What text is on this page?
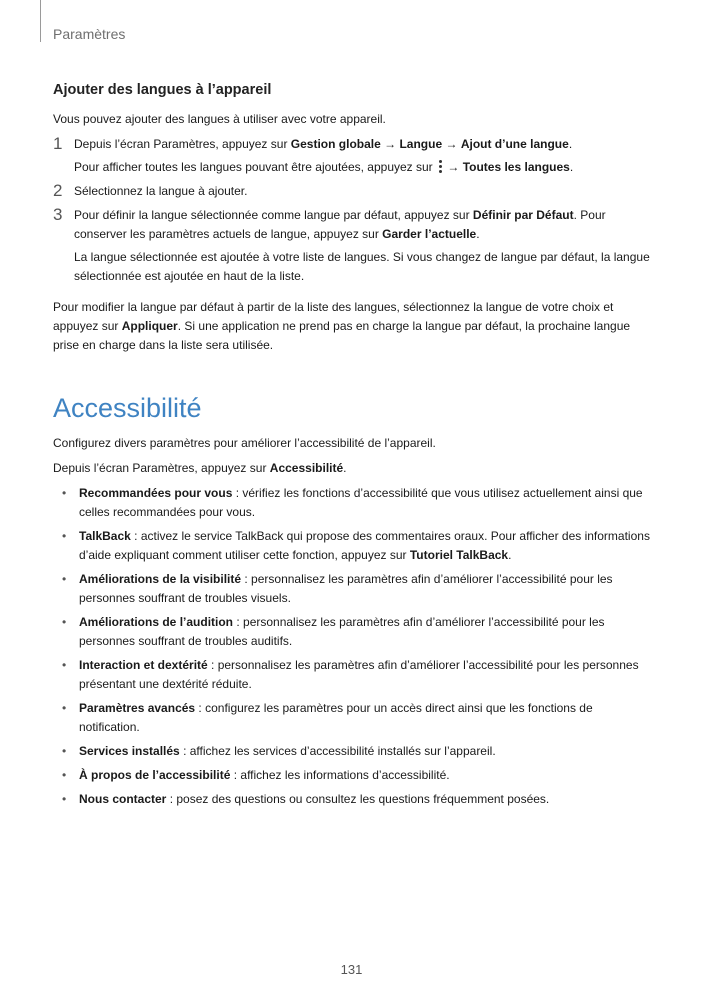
Paramètres
Ajouter des langues à l’appareil

Vous pouvez ajouter des langues à utiliser avec votre appareil.

1 Depuis l’écran Paramètres, appuyez sur Gestion globale → Langue → Ajout d’une langue.
Pour afficher toutes les langues pouvant être ajoutées, appuyez sur
→ Toutes les langues.
2 Sélectionnez la langue à ajouter.
3 Pour définir la langue sélectionnée comme langue par défaut, appuyez sur Définir par Défaut. Pour conserver les paramètres actuels de langue, appuyez sur Garder l’actuelle.
La langue sélectionnée est ajoutée à votre liste de langues. Si vous changez de langue par défaut, la langue sélectionnée est ajoutée en haut de la liste.

Pour modifier la langue par défaut à partir de la liste des langues, sélectionnez la langue de votre choix et appuyez sur Appliquer. Si une application ne prend pas en charge la langue par défaut, la prochaine langue prise en charge dans la liste sera utilisée.

Accessibilité

Configurez divers paramètres pour améliorer l’accessibilité de l’appareil.

Depuis l’écran Paramètres, appuyez sur Accessibilité.

• Recommandées pour vous : vérifiez les fonctions d’accessibilité que vous utilisez actuellement ainsi que celles recommandées pour vous.
• TalkBack : activez le service TalkBack qui propose des commentaires oraux. Pour afficher des informations d’aide expliquant comment utiliser cette fonction, appuyez sur Tutoriel TalkBack.
• Améliorations de la visibilité : personnalisez les paramètres afin d’améliorer l’accessibilité pour les personnes souffrant de troubles visuels.
• Améliorations de l’audition : personnalisez les paramètres afin d’améliorer l’accessibilité pour les personnes souffrant de troubles auditifs.
• Interaction et dextérité : personnalisez les paramètres afin d’améliorer l’accessibilité pour les personnes présentant une dextérité réduite.
• Paramètres avancés : configurez les paramètres pour un accès direct ainsi que les fonctions de notification.
• Services installés : affichez les services d’accessibilité installés sur l’appareil.
• À propos de l’accessibilité : affichez les informations d’accessibilité.
• Nous contacter : posez des questions ou consultez les questions fréquemment posées.
131
